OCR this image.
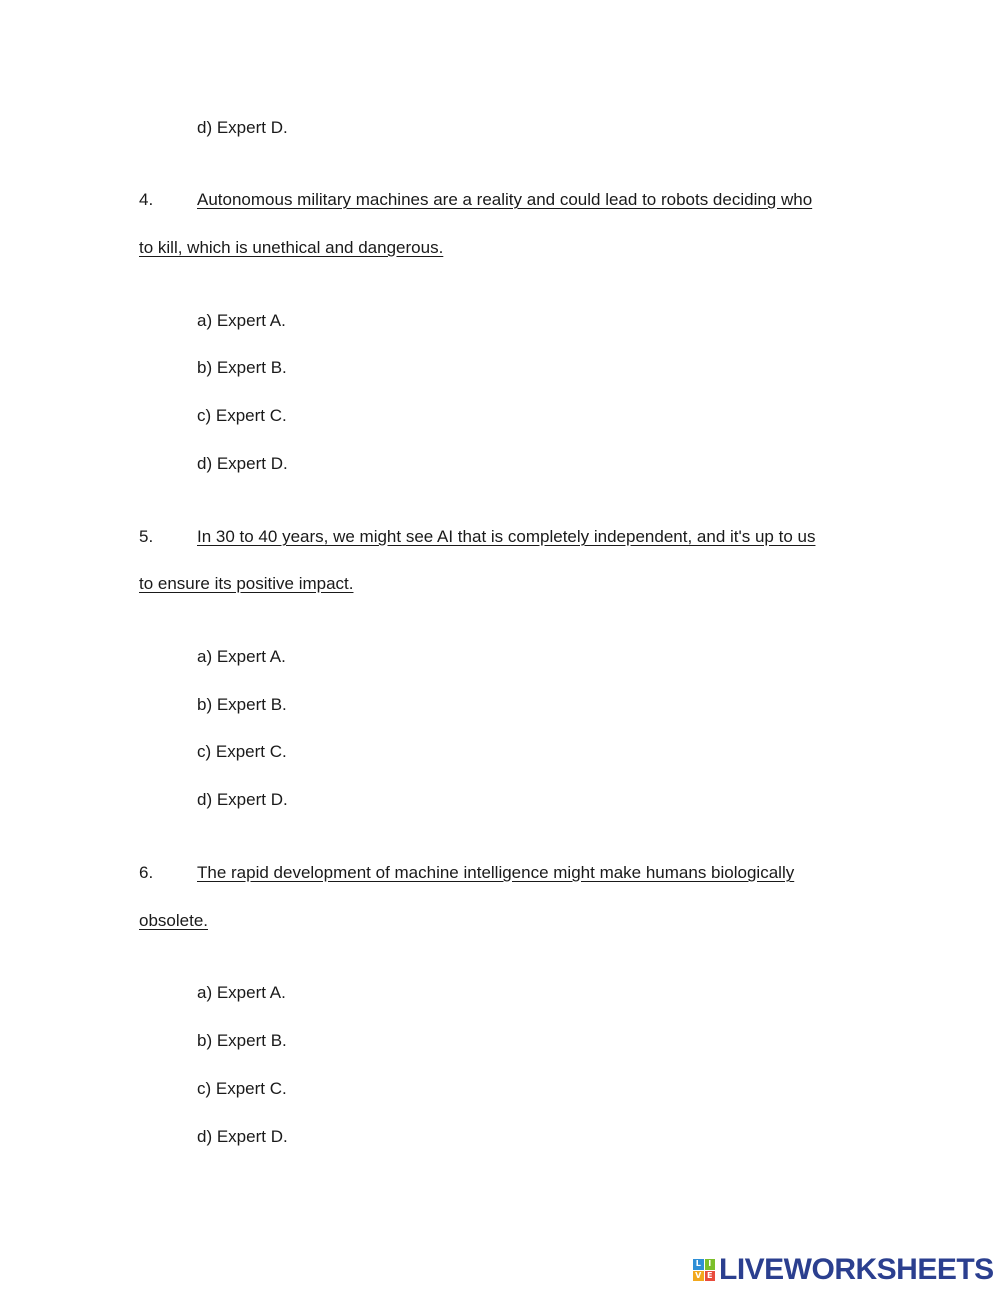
d) Expert D.
4.	Autonomous military machines are a reality and could lead to robots deciding who
to kill, which is unethical and dangerous.
a) Expert A.
b) Expert B.
c) Expert C.
d) Expert D.
5.	In 30 to 40 years, we might see AI that is completely independent, and it's up to us
to ensure its positive impact.
a) Expert A.
b) Expert B.
c) Expert C.
d) Expert D.
6.	The rapid development of machine intelligence might make humans biologically
obsolete.
a) Expert A.
b) Expert B.
c) Expert C.
d) Expert D.
L I
V E LIVEWORKSHEETS
